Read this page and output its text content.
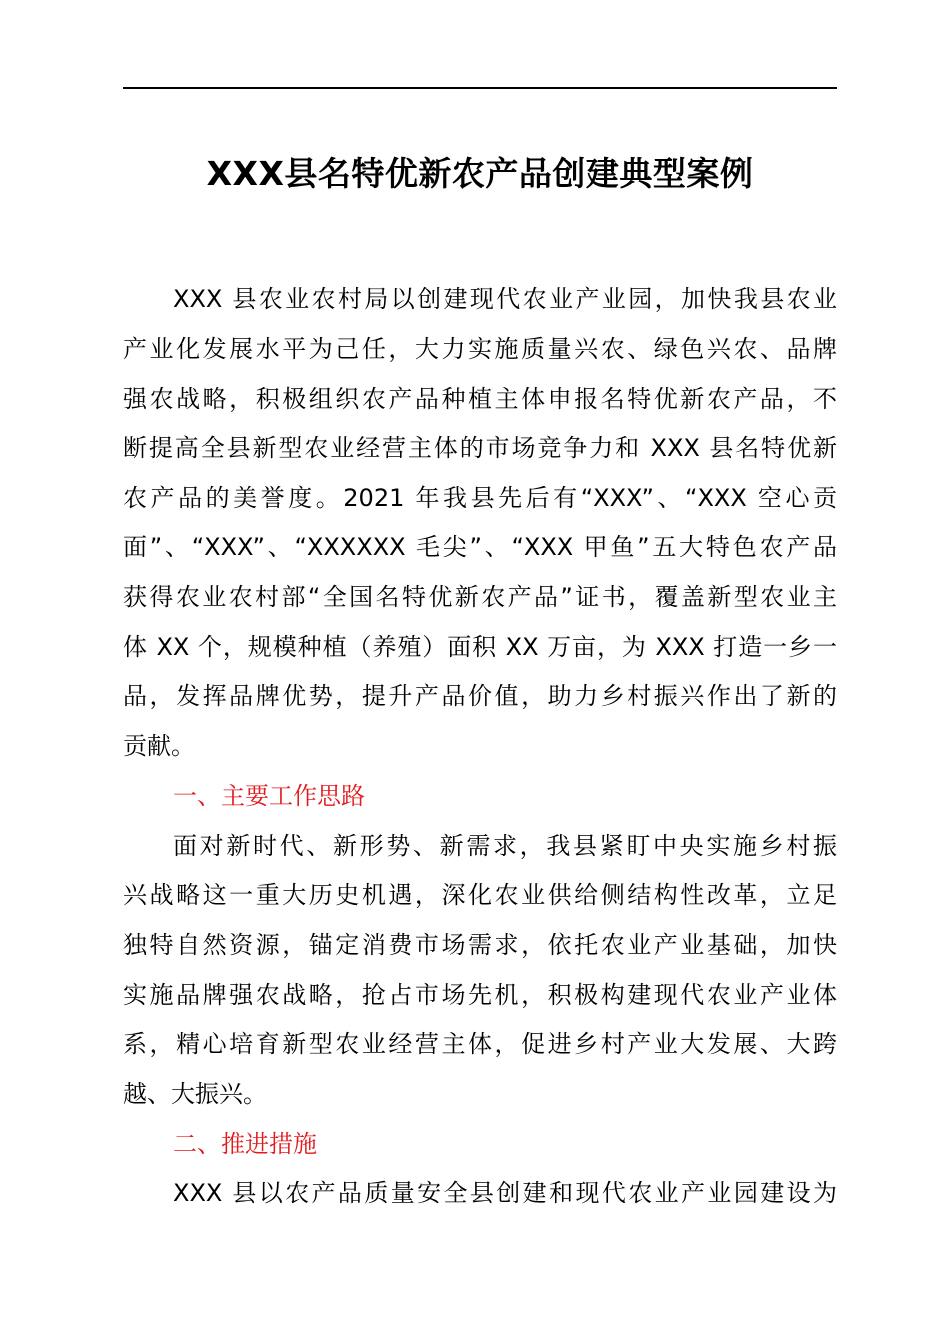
XXX县名特优新农产品创建典型案例
XXX 县农业农村局以创建现代农业产业园，加快我县农业
产业化发展水平为己任，大力实施质量兴农、绿色兴农、品牌
强农战略，积极组织农产品种植主体申报名特优新农产品，不
断提高全县新型农业经营主体的市场竞争力和 XXX 县名特优新
农产品的美誉度。2021 年我县先后有“XXX”、“XXX 空心贡
面”、“XXX”、“XXXXXX 毛尖”、“XXX 甲鱼”五大特色农产品
获得农业农村部“全国名特优新农产品”证书，覆盖新型农业主
体 XX 个，规模种植（养殖）面积 XX 万亩，为 XXX 打造一乡一
品，发挥品牌优势，提升产品价值，助力乡村振兴作出了新的
贡献。
一、主要工作思路
面对新时代、新形势、新需求，我县紧盯中央实施乡村振
兴战略这一重大历史机遇，深化农业供给侧结构性改革，立足
独特自然资源，锚定消费市场需求，依托农业产业基础，加快
实施品牌强农战略，抢占市场先机，积极构建现代农业产业体
系，精心培育新型农业经营主体，促进乡村产业大发展、大跨
越、大振兴。
二、推进措施
XXX 县以农产品质量安全县创建和现代农业产业园建设为
